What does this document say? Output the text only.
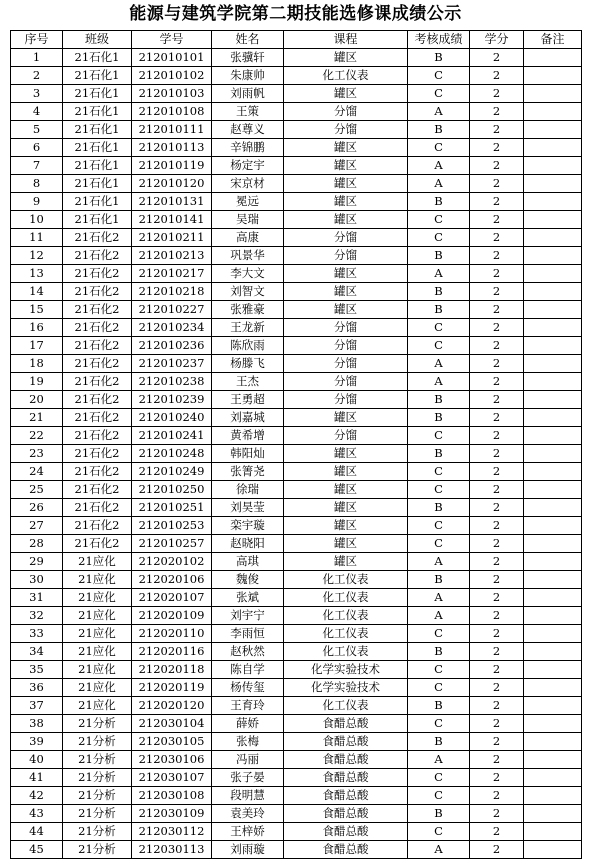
能源与建筑学院第二期技能选修课成绩公示
序号	班级	学号	姓名	课程	考核成绩	学分	备注
1	21石化1	212010101	张骥轩	罐区	B	2	
2	21石化1	212010102	朱康帅	化工仪表	C	2	
3	21石化1	212010103	刘雨帆	罐区	C	2	
4	21石化1	212010108	王策	分馏	A	2	
5	21石化1	212010111	赵尊义	分馏	B	2	
6	21石化1	212010113	辛锦鹏	罐区	C	2	
7	21石化1	212010119	杨定宇	罐区	A	2	
8	21石化1	212010120	宋京材	罐区	A	2	
9	21石化1	212010131	冕远	罐区	B	2	
10	21石化1	212010141	吴瑞	罐区	C	2	
11	21石化2	212010211	高康	分馏	C	2	
12	21石化2	212010213	巩景华	分馏	B	2	
13	21石化2	212010217	李大文	罐区	A	2	
14	21石化2	212010218	刘智文	罐区	B	2	
15	21石化2	212010227	张雅豪	罐区	B	2	
16	21石化2	212010234	王龙新	分馏	C	2	
17	21石化2	212010236	陈欣雨	分馏	C	2	
18	21石化2	212010237	杨滕飞	分馏	A	2	
19	21石化2	212010238	王杰	分馏	A	2	
20	21石化2	212010239	王勇超	分馏	B	2	
21	21石化2	212010240	刘嘉城	罐区	B	2	
22	21石化2	212010241	黄希增	分馏	C	2	
23	21石化2	212010248	韩阳灿	罐区	B	2	
24	21石化2	212010249	张箐尧	罐区	C	2	
25	21石化2	212010250	徐瑞	罐区	C	2	
26	21石化2	212010251	刘昊莹	罐区	B	2	
27	21石化2	212010253	栾宇璇	罐区	C	2	
28	21石化2	212010257	赵晓阳	罐区	C	2	
29	21应化	212020102	高琪	罐区	A	2	
30	21应化	212020106	魏俊	化工仪表	B	2	
31	21应化	212020107	张斌	化工仪表	A	2	
32	21应化	212020109	刘宇宁	化工仪表	A	2	
33	21应化	212020110	李雨恒	化工仪表	C	2	
34	21应化	212020116	赵秋然	化工仪表	B	2	
35	21应化	212020118	陈自学	化学实验技术	C	2	
36	21应化	212020119	杨传玺	化学实验技术	C	2	
37	21应化	212020120	王育玲	化工仪表	B	2	
38	21分析	212030104	薛娇	食醋总酸	C	2	
39	21分析	212030105	张梅	食醋总酸	B	2	
40	21分析	212030106	冯丽	食醋总酸	A	2	
41	21分析	212030107	张子晏	食醋总酸	C	2	
42	21分析	212030108	段明慧	食醋总酸	C	2	
43	21分析	212030109	袁美玲	食醋总酸	B	2	
44	21分析	212030112	王梓娇	食醋总酸	C	2	
45	21分析	212030113	刘雨璇	食醋总酸	A	2	
